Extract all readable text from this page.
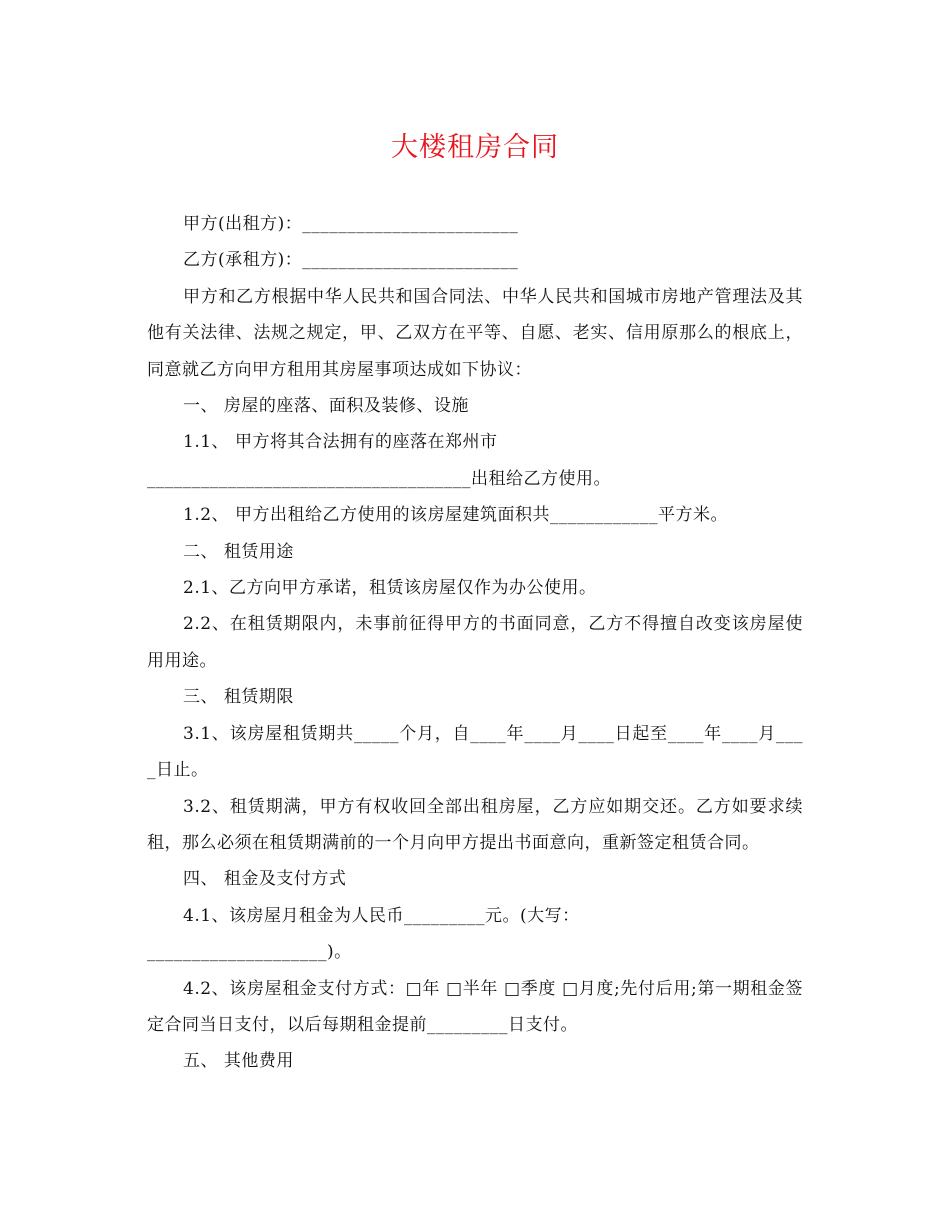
大楼租房合同

甲方(出租方)：________________________

乙方(承租方)：________________________

甲方和乙方根据中华人民共和国合同法、中华人民共和国城市房地产管理法及其他有关法律、法规之规定，甲、乙双方在平等、自愿、老实、信用原那么的根底上，同意就乙方向甲方租用其房屋事项达成如下协议：

一、 房屋的座落、面积及装修、设施

1.1、 甲方将其合法拥有的座落在郑州市

____________________________________出租给乙方使用。

1.2、 甲方出租给乙方使用的该房屋建筑面积共____________平方米。

二、 租赁用途

2.1、乙方向甲方承诺，租赁该房屋仅作为办公使用。

2.2、在租赁期限内，未事前征得甲方的书面同意，乙方不得擅自改变该房屋使用用途。

三、 租赁期限

3.1、该房屋租赁期共_____个月，自____年____月____日起至____年____月____日止。

3.2、租赁期满，甲方有权收回全部出租房屋，乙方应如期交还。乙方如要求续租，那么必须在租赁期满前的一个月向甲方提出书面意向，重新签定租赁合同。

四、 租金及支付方式

4.1、该房屋月租金为人民币_________元。(大写：

____________________)。

4.2、该房屋租金支付方式：□年 □半年 □季度 □月度;先付后用;第一期租金签定合同当日支付，以后每期租金提前_________日支付。

五、 其他费用
